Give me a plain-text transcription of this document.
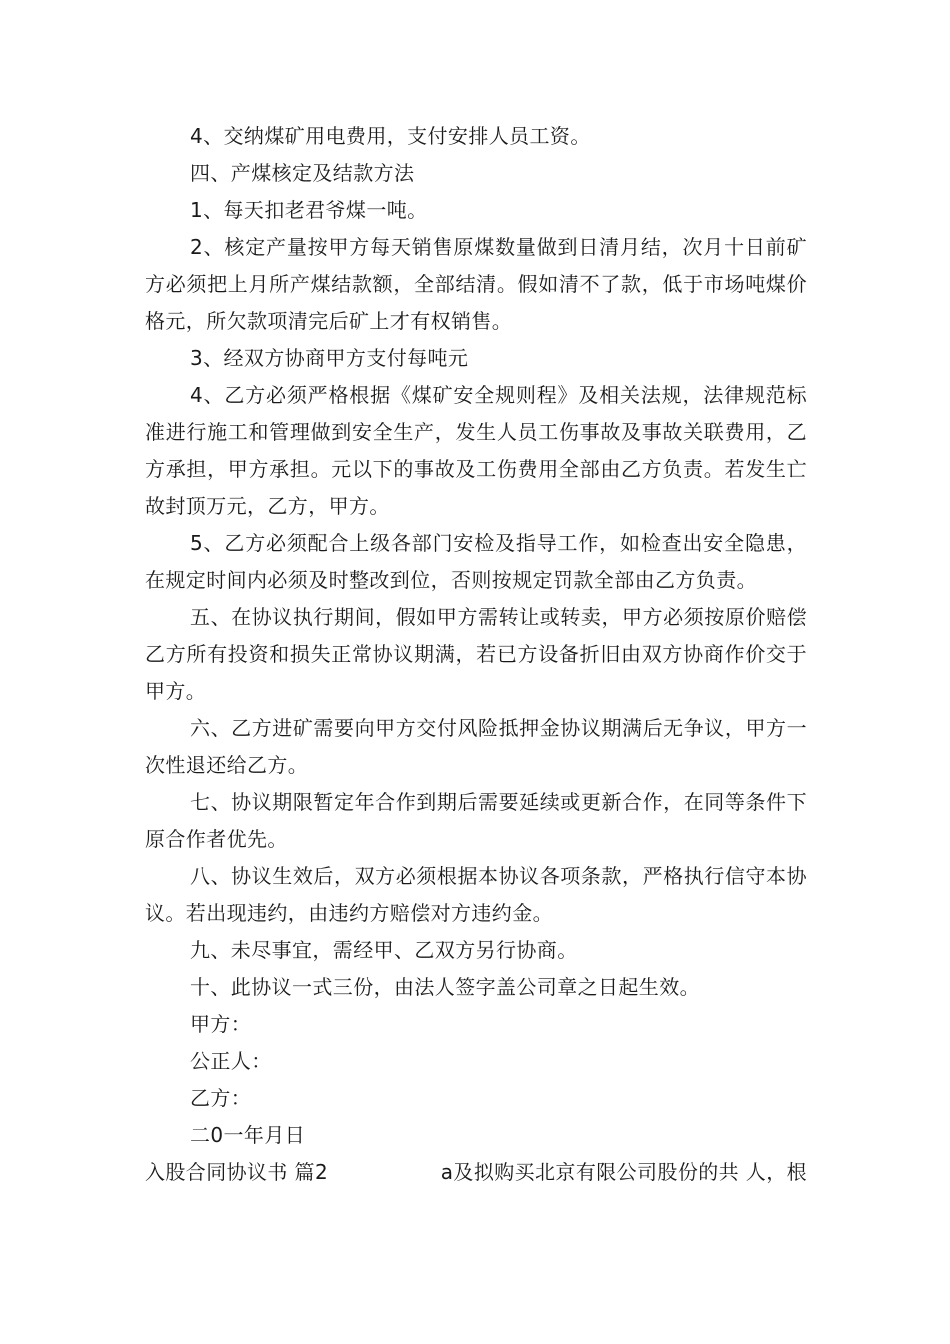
4、交纳煤矿用电费用，支付安排人员工资。

四、产煤核定及结款方法

1、每天扣老君爷煤一吨。

2、核定产量按甲方每天销售原煤数量做到日清月结，次月十日前矿方必须把上月所产煤结款额，全部结清。假如清不了款，低于市场吨煤价格元，所欠款项清完后矿上才有权销售。

3、经双方协商甲方支付每吨元

4、乙方必须严格根据《煤矿安全规则程》及相关法规，法律规范标准进行施工和管理做到安全生产，发生人员工伤事故及事故关联费用，乙方承担，甲方承担。元以下的事故及工伤费用全部由乙方负责。若发生亡故封顶万元，乙方，甲方。

5、乙方必须配合上级各部门安检及指导工作，如检查出安全隐患，在规定时间内必须及时整改到位，否则按规定罚款全部由乙方负责。

五、在协议执行期间，假如甲方需转让或转卖，甲方必须按原价赔偿乙方所有投资和损失正常协议期满，若已方设备折旧由双方协商作价交于甲方。

六、乙方进矿需要向甲方交付风险抵押金协议期满后无争议，甲方一次性退还给乙方。

七、协议期限暂定年合作到期后需要延续或更新合作，在同等条件下原合作者优先。

八、协议生效后，双方必须根据本协议各项条款，严格执行信守本协议。若出现违约，由违约方赔偿对方违约金。

九、未尽事宜，需经甲、乙双方另行协商。

十、此协议一式三份，由法人签字盖公司章之日起生效。

甲方：

公正人：

乙方：

二0一年月日

入股合同协议书 篇2	a及拟购买北京有限公司股份的共 人，根
